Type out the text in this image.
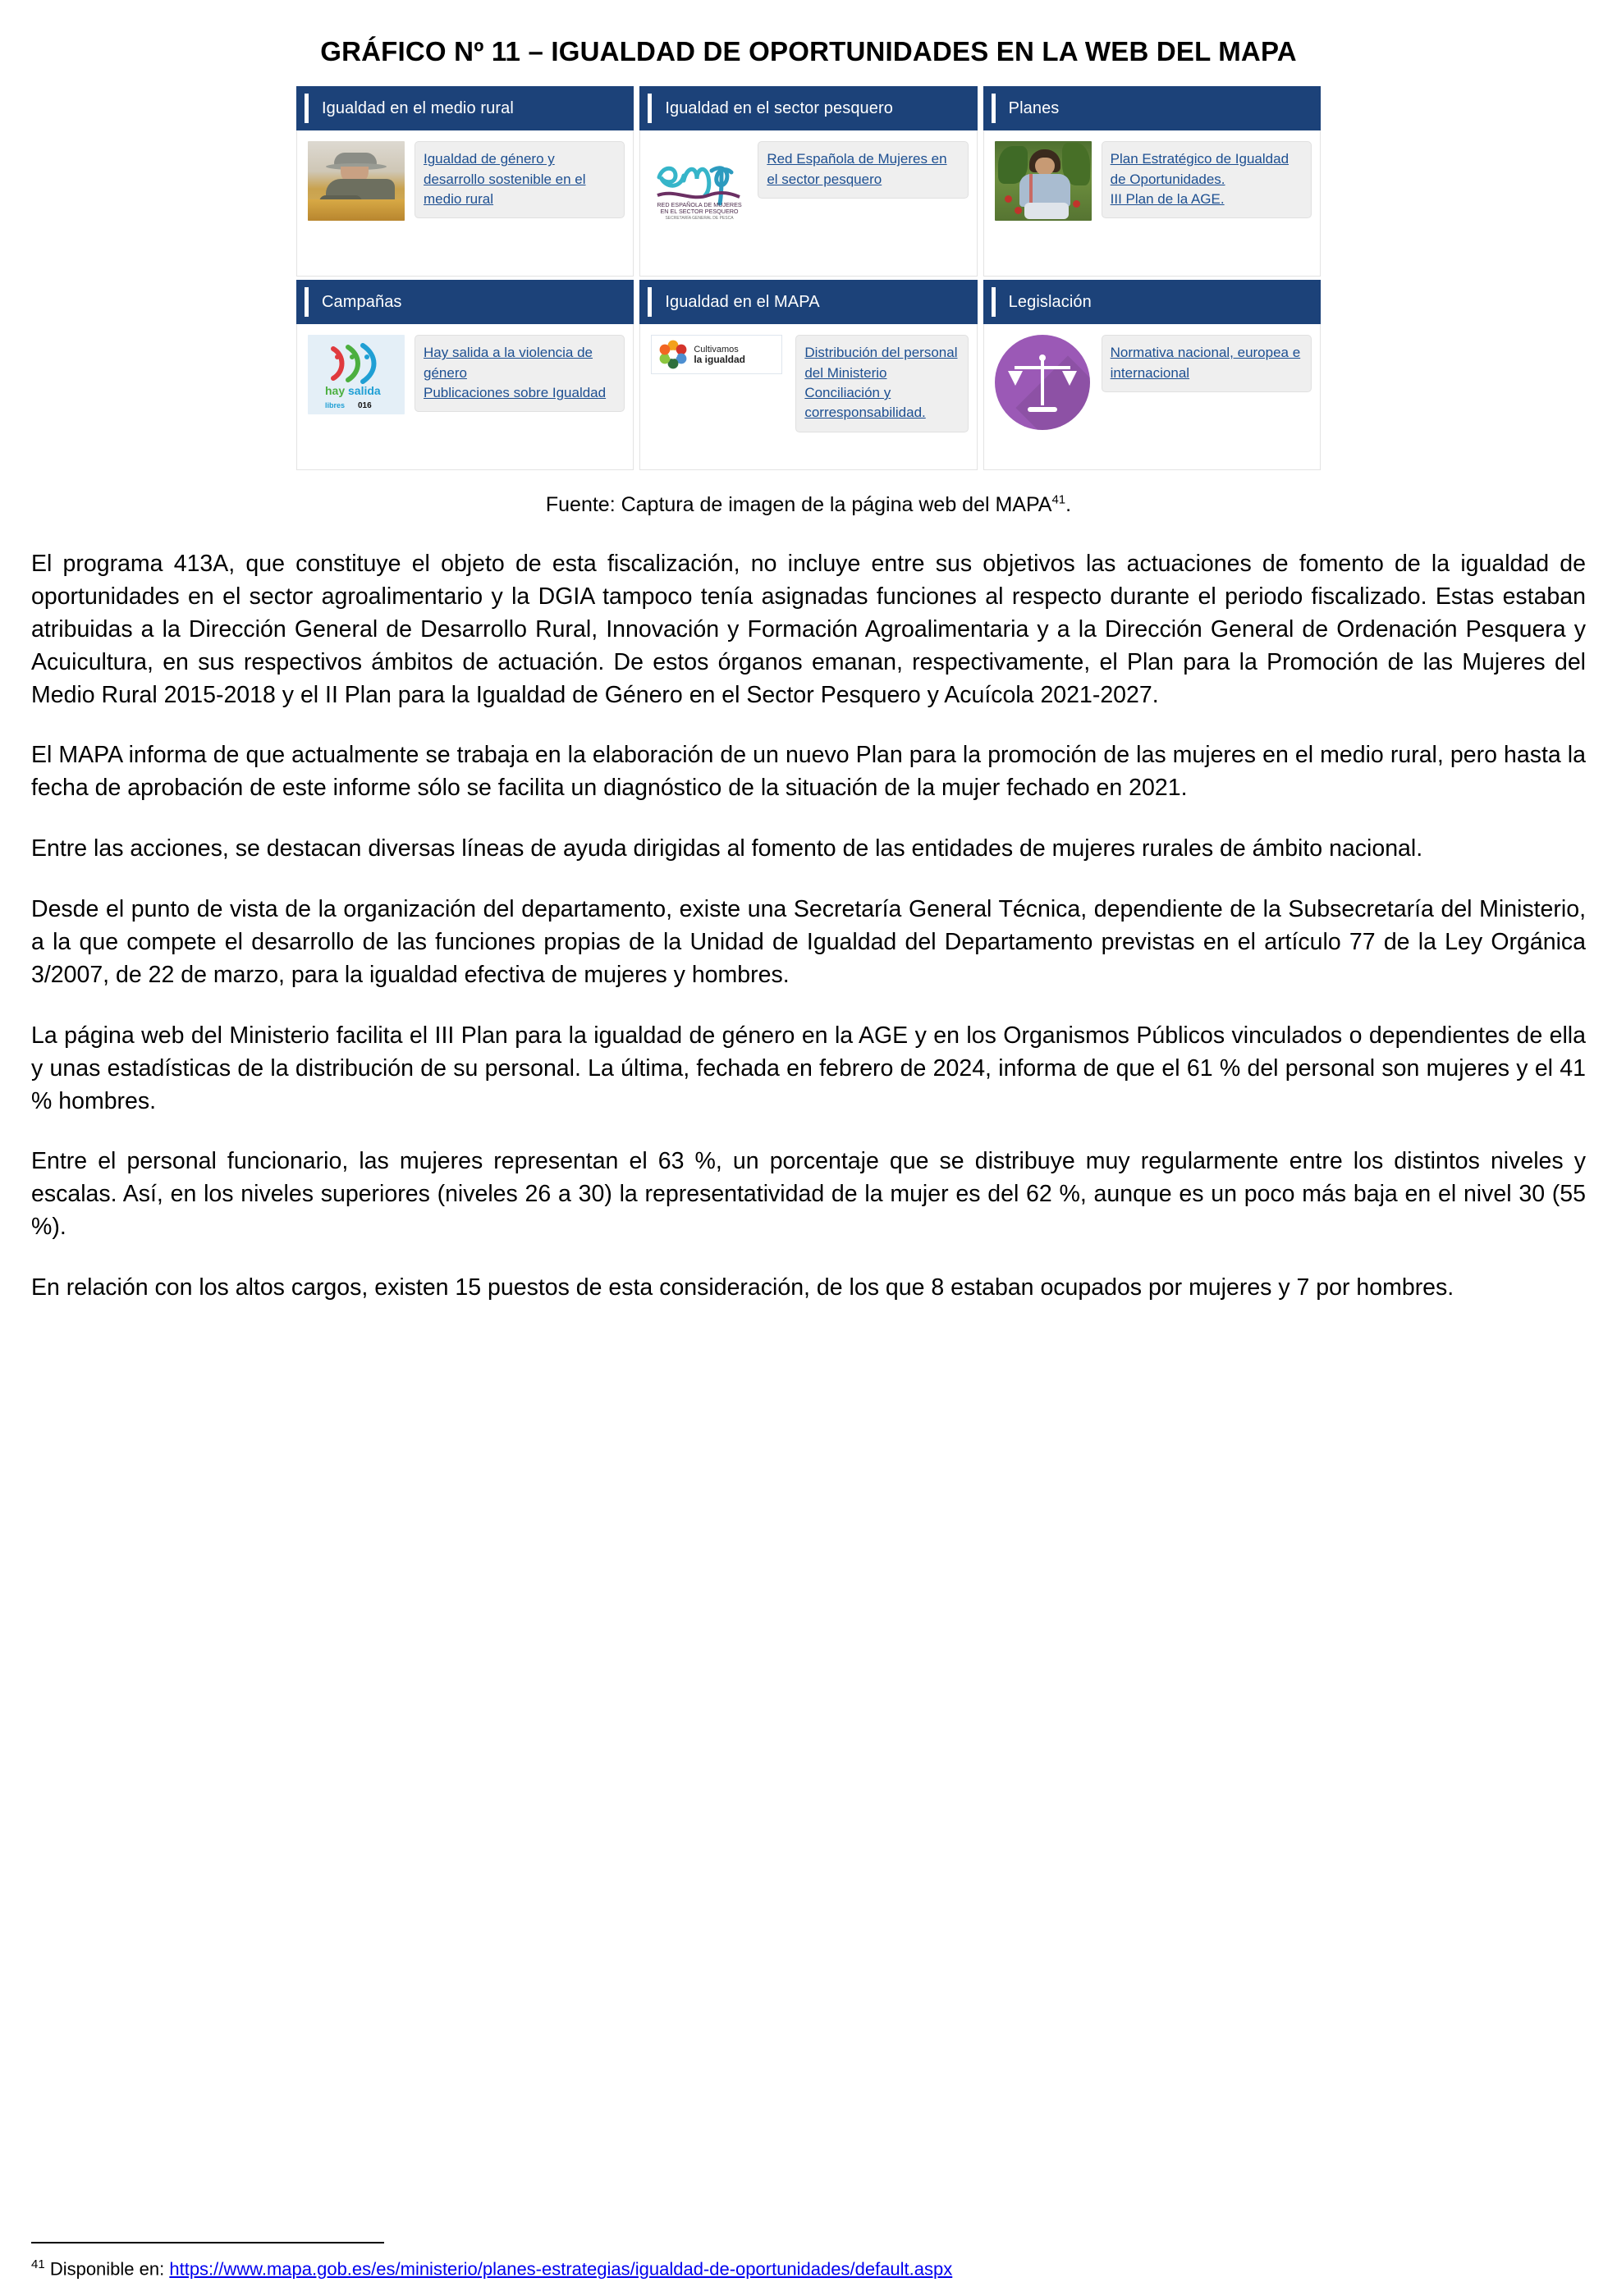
GRÁFICO Nº 11 – IGUALDAD DE OPORTUNIDADES EN LA WEB DEL MAPA
Igualdad en el medio rural
Igualdad de género y desarrollo sostenible en el medio rural
Campañas
hay salida
libres 016
Hay salida a la violencia de género
Publicaciones sobre Igualdad
Igualdad en el sector pesquero
RED ESPAÑOLA DE MUJERES
EN EL SECTOR PESQUERO
SECRETARÍA GENERAL DE PESCA
Red Española de Mujeres en el sector pesquero
Igualdad en el MAPA
Cultivamos
la igualdad	Distribución del personal del Ministerio
Conciliación y corresponsabilidad.
Planes
Plan Estratégico de Igualdad de Oportunidades.
III Plan de la AGE.
Legislación
Normativa nacional, europea e internacional
Fuente: Captura de imagen de la página web del MAPA$^{41}$.

El programa 413A, que constituye el objeto de esta fiscalización, no incluye entre sus objetivos las actuaciones de fomento de la igualdad de oportunidades en el sector agroalimentario y la DGIA tampoco tenía asignadas funciones al respecto durante el periodo fiscalizado. Estas estaban atribuidas a la Dirección General de Desarrollo Rural, Innovación y Formación Agroalimentaria y a la Dirección General de Ordenación Pesquera y Acuicultura, en sus respectivos ámbitos de actuación. De estos órganos emanan, respectivamente, el Plan para la Promoción de las Mujeres del Medio Rural 2015-2018 y el II Plan para la Igualdad de Género en el Sector Pesquero y Acuícola 2021-2027.

El MAPA informa de que actualmente se trabaja en la elaboración de un nuevo Plan para la promoción de las mujeres en el medio rural, pero hasta la fecha de aprobación de este informe sólo se facilita un diagnóstico de la situación de la mujer fechado en 2021.

Entre las acciones, se destacan diversas líneas de ayuda dirigidas al fomento de las entidades de mujeres rurales de ámbito nacional.

Desde el punto de vista de la organización del departamento, existe una Secretaría General Técnica, dependiente de la Subsecretaría del Ministerio, a la que compete el desarrollo de las funciones propias de la Unidad de Igualdad del Departamento previstas en el artículo 77 de la Ley Orgánica 3/2007, de 22 de marzo, para la igualdad efectiva de mujeres y hombres.

La página web del Ministerio facilita el III Plan para la igualdad de género en la AGE y en los Organismos Públicos vinculados o dependientes de ella y unas estadísticas de la distribución de su personal. La última, fechada en febrero de 2024, informa de que el 61 % del personal son mujeres y el 41 % hombres.

Entre el personal funcionario, las mujeres representan el 63 %, un porcentaje que se distribuye muy regularmente entre los distintos niveles y escalas. Así, en los niveles superiores (niveles 26 a 30) la representatividad de la mujer es del 62 %, aunque es un poco más baja en el nivel 30 (55 %).

En relación con los altos cargos, existen 15 puestos de esta consideración, de los que 8 estaban ocupados por mujeres y 7 por hombres.

$^{41}$ Disponible en: https://www.mapa.gob.es/es/ministerio/planes-estrategias/igualdad-de-oportunidades/default.aspx
